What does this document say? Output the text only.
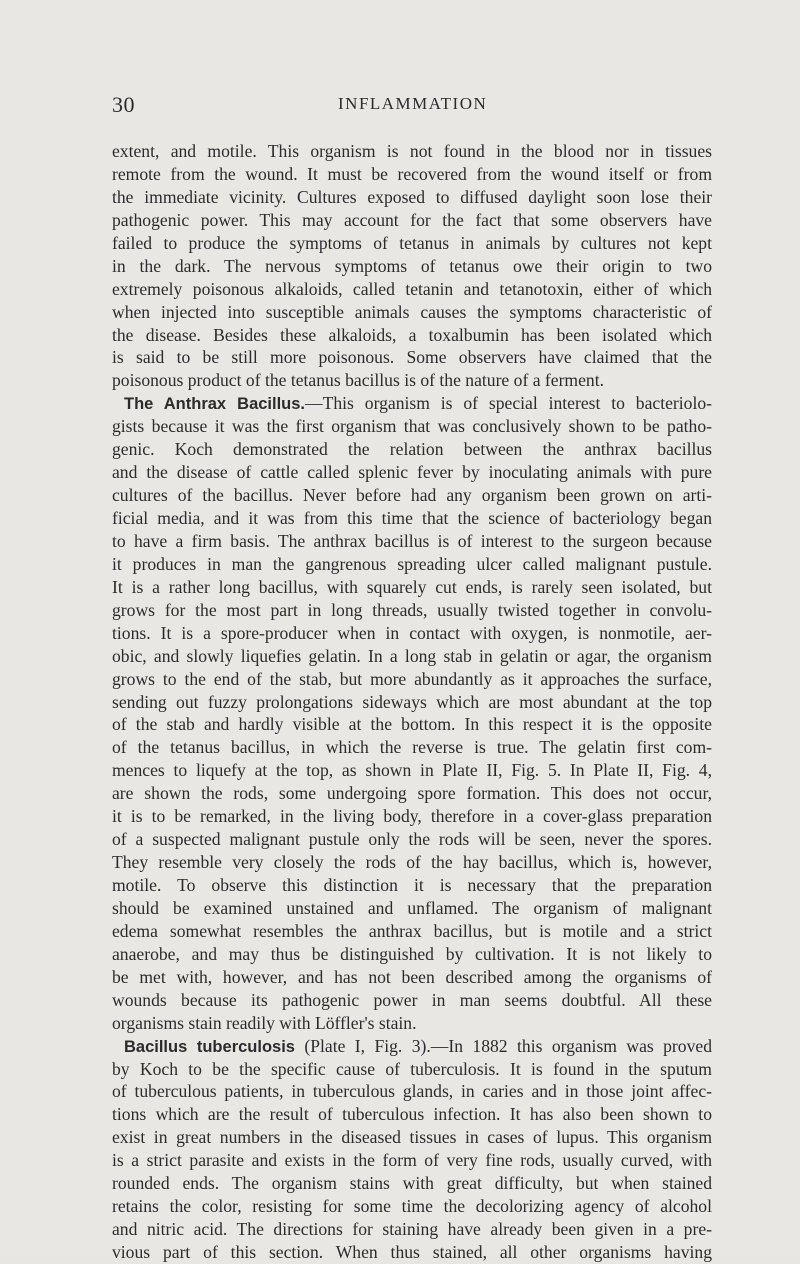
30	INFLAMMATION
extent, and motile. This organism is not found in the blood nor in tissues
remote from the wound. It must be recovered from the wound itself or from
the immediate vicinity. Cultures exposed to diffused daylight soon lose their
pathogenic power. This may account for the fact that some observers have
failed to produce the symptoms of tetanus in animals by cultures not kept
in the dark. The nervous symptoms of tetanus owe their origin to two
extremely poisonous alkaloids, called tetanin and tetanotoxin, either of which
when injected into susceptible animals causes the symptoms characteristic of
the disease. Besides these alkaloids, a toxalbumin has been isolated which
is said to be still more poisonous. Some observers have claimed that the
poisonous product of the tetanus bacillus is of the nature of a ferment.
The Anthrax Bacillus.—This organism is of special interest to bacteriolo-
gists because it was the first organism that was conclusively shown to be patho-
genic. Koch demonstrated the relation between the anthrax bacillus
and the disease of cattle called splenic fever by inoculating animals with pure
cultures of the bacillus. Never before had any organism been grown on arti-
ficial media, and it was from this time that the science of bacteriology began
to have a firm basis. The anthrax bacillus is of interest to the surgeon because
it produces in man the gangrenous spreading ulcer called malignant pustule.
It is a rather long bacillus, with squarely cut ends, is rarely seen isolated, but
grows for the most part in long threads, usually twisted together in convolu-
tions. It is a spore-producer when in contact with oxygen, is nonmotile, aer-
obic, and slowly liquefies gelatin. In a long stab in gelatin or agar, the organism
grows to the end of the stab, but more abundantly as it approaches the surface,
sending out fuzzy prolongations sideways which are most abundant at the top
of the stab and hardly visible at the bottom. In this respect it is the opposite
of the tetanus bacillus, in which the reverse is true. The gelatin first com-
mences to liquefy at the top, as shown in Plate II, Fig. 5. In Plate II, Fig. 4,
are shown the rods, some undergoing spore formation. This does not occur,
it is to be remarked, in the living body, therefore in a cover-glass preparation
of a suspected malignant pustule only the rods will be seen, never the spores.
They resemble very closely the rods of the hay bacillus, which is, however,
motile. To observe this distinction it is necessary that the preparation
should be examined unstained and unflamed. The organism of malignant
edema somewhat resembles the anthrax bacillus, but is motile and a strict
anaerobe, and may thus be distinguished by cultivation. It is not likely to
be met with, however, and has not been described among the organisms of
wounds because its pathogenic power in man seems doubtful. All these
organisms stain readily with Löffler's stain.
Bacillus tuberculosis (Plate I, Fig. 3).—In 1882 this organism was proved
by Koch to be the specific cause of tuberculosis. It is found in the sputum
of tuberculous patients, in tuberculous glands, in caries and in those joint affec-
tions which are the result of tuberculous infection. It has also been shown to
exist in great numbers in the diseased tissues in cases of lupus. This organism
is a strict parasite and exists in the form of very fine rods, usually curved, with
rounded ends. The organism stains with great difficulty, but when stained
retains the color, resisting for some time the decolorizing agency of alcohol
and nitric acid. The directions for staining have already been given in a pre-
vious part of this section. When thus stained, all other organisms having
